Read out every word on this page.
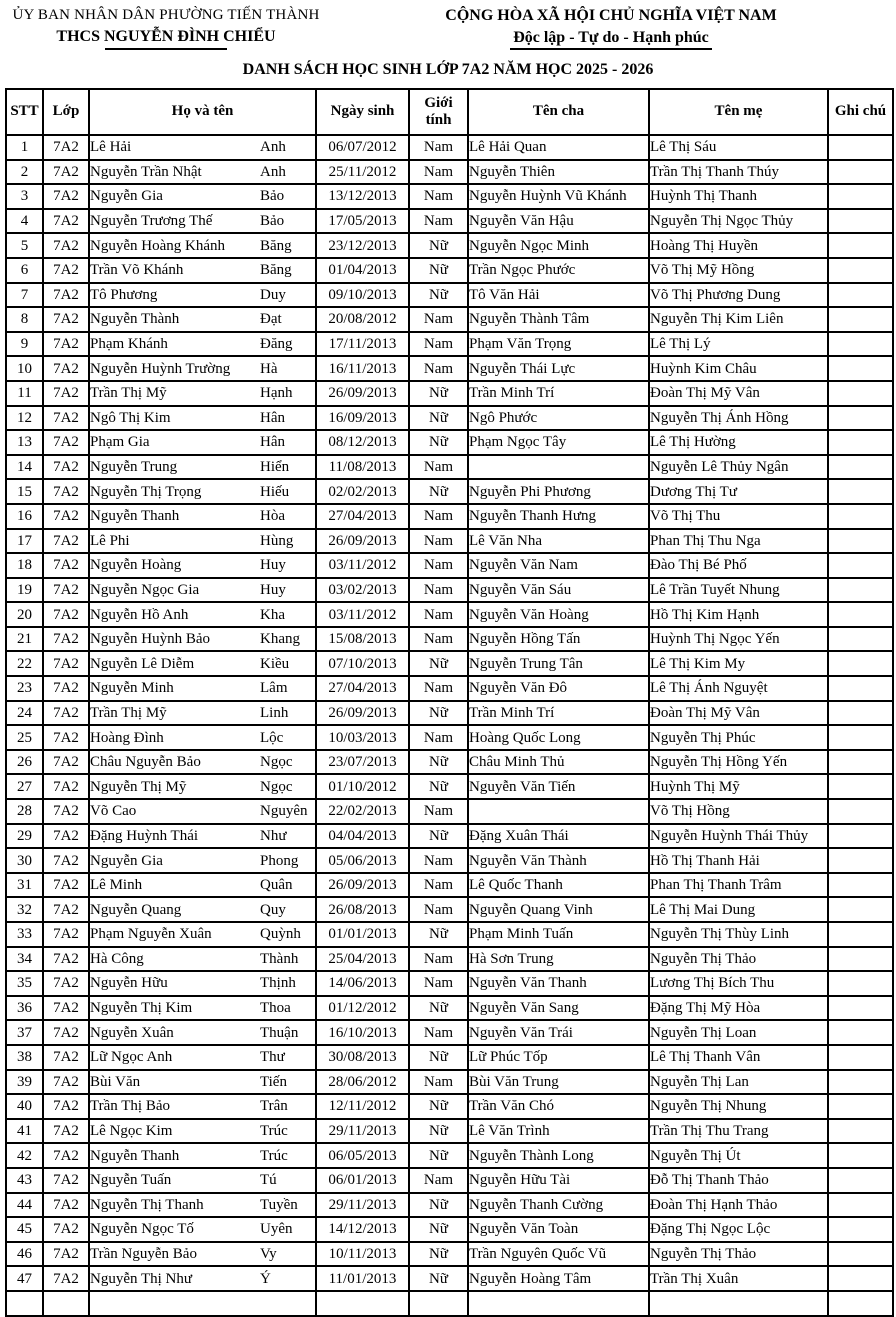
ỦY BAN NHÂN DÂN PHƯỜNG TIẾN THÀNH
THCS NGUYỄN ĐÌNH CHIỂU
CỘNG HÒA XÃ HỘI CHỦ NGHĨA VIỆT NAM
Độc lập - Tự do - Hạnh phúc
DANH SÁCH HỌC SINH LỚP 7A2 NĂM HỌC 2025 - 2026
STT	Lớp	Họ và tên	Ngày sinh	Giới tính	Tên cha	Tên mẹ	Ghi chú
1	7A2	Lê Hải Anh	06/07/2012	Nam	Lê Hải Quan	Lê Thị Sáu	
2	7A2	Nguyễn Trần Nhật Anh	25/11/2012	Nam	Nguyễn Thiên	Trần Thị Thanh Thúy	
3	7A2	Nguyễn Gia Bảo	13/12/2013	Nam	Nguyễn Huỳnh Vũ Khánh	Huỳnh Thị Thanh	
4	7A2	Nguyễn Trương Thế Bảo	17/05/2013	Nam	Nguyễn Văn Hậu	Nguyễn Thị Ngọc Thủy	
5	7A2	Nguyễn Hoàng Khánh Băng	23/12/2013	Nữ	Nguyễn Ngọc Minh	Hoàng Thị Huyền	
6	7A2	Trần Võ Khánh Băng	01/04/2013	Nữ	Trần Ngọc Phước	Võ Thị Mỹ Hồng	
7	7A2	Tô Phương Duy	09/10/2013	Nữ	Tô Văn Hải	Võ Thị Phương Dung	
8	7A2	Nguyễn Thành Đạt	20/08/2012	Nam	Nguyễn Thành Tâm	Nguyễn Thị Kim Liên	
9	7A2	Phạm Khánh Đăng	17/11/2013	Nam	Phạm Văn Trọng	Lê Thị Lý	
10	7A2	Nguyễn Huỳnh Trường Hà	16/11/2013	Nam	Nguyễn Thái Lực	Huỳnh Kim Châu	
11	7A2	Trần Thị Mỹ Hạnh	26/09/2013	Nữ	Trần Minh Trí	Đoàn Thị Mỹ Vân	
12	7A2	Ngô Thị Kim Hân	16/09/2013	Nữ	Ngô Phước	Nguyễn Thị Ánh Hồng	
13	7A2	Phạm Gia Hân	08/12/2013	Nữ	Phạm Ngọc Tây	Lê Thị Hường	
14	7A2	Nguyễn Trung Hiển	11/08/2013	Nam		Nguyễn Lê Thủy Ngân	
15	7A2	Nguyễn Thị Trọng Hiếu	02/02/2013	Nữ	Nguyễn Phi Phương	Dương Thị Tư	
16	7A2	Nguyễn Thanh Hòa	27/04/2013	Nam	Nguyễn Thanh Hưng	Võ Thị Thu	
17	7A2	Lê Phi Hùng	26/09/2013	Nam	Lê Văn Nha	Phan Thị Thu Nga	
18	7A2	Nguyễn Hoàng Huy	03/11/2012	Nam	Nguyễn Văn Nam	Đào Thị Bé Phố	
19	7A2	Nguyễn Ngọc Gia Huy	03/02/2013	Nam	Nguyễn Văn Sáu	Lê Trần Tuyết Nhung	
20	7A2	Nguyễn Hồ Anh Kha	03/11/2012	Nam	Nguyễn Văn Hoàng	Hồ Thị Kim Hạnh	
21	7A2	Nguyễn Huỳnh Bảo Khang	15/08/2013	Nam	Nguyễn Hồng Tấn	Huỳnh Thị Ngọc Yến	
22	7A2	Nguyễn Lê Diễm Kiều	07/10/2013	Nữ	Nguyễn Trung Tân	Lê Thị Kim My	
23	7A2	Nguyễn Minh Lâm	27/04/2013	Nam	Nguyễn Văn Đô	Lê Thị Ánh Nguyệt	
24	7A2	Trần Thị Mỹ Linh	26/09/2013	Nữ	Trần Minh Trí	Đoàn Thị Mỹ Vân	
25	7A2	Hoàng Đình Lộc	10/03/2013	Nam	Hoàng Quốc Long	Nguyễn Thị Phúc	
26	7A2	Châu Nguyễn Bảo Ngọc	23/07/2013	Nữ	Châu Minh Thủ	Nguyễn Thị Hồng Yến	
27	7A2	Nguyễn Thị Mỹ Ngọc	01/10/2012	Nữ	Nguyễn Văn Tiến	Huỳnh Thị Mỹ	
28	7A2	Võ Cao Nguyên	22/02/2013	Nam		Võ Thị Hồng	
29	7A2	Đặng Huỳnh Thái Như	04/04/2013	Nữ	Đặng Xuân Thái	Nguyễn Huỳnh Thái Thủy	
30	7A2	Nguyễn Gia Phong	05/06/2013	Nam	Nguyễn Văn Thành	Hồ Thị Thanh Hải	
31	7A2	Lê Minh Quân	26/09/2013	Nam	Lê Quốc Thanh	Phan Thị Thanh Trâm	
32	7A2	Nguyễn Quang Quy	26/08/2013	Nam	Nguyễn Quang Vinh	Lê Thị Mai Dung	
33	7A2	Phạm Nguyễn Xuân Quỳnh	01/01/2013	Nữ	Phạm Minh Tuấn	Nguyễn Thị Thùy Linh	
34	7A2	Hà Công Thành	25/04/2013	Nam	Hà Sơn Trung	Nguyễn Thị Thảo	
35	7A2	Nguyễn Hữu Thịnh	14/06/2013	Nam	Nguyễn Văn Thanh	Lương Thị Bích Thu	
36	7A2	Nguyễn Thị Kim Thoa	01/12/2012	Nữ	Nguyễn Văn Sang	Đặng Thị Mỹ Hòa	
37	7A2	Nguyễn Xuân Thuận	16/10/2013	Nam	Nguyễn Văn Trái	Nguyễn Thị Loan	
38	7A2	Lữ Ngọc Anh Thư	30/08/2013	Nữ	Lữ Phúc Tốp	Lê Thị Thanh Vân	
39	7A2	Bùi Văn Tiến	28/06/2012	Nam	Bùi Văn Trung	Nguyễn Thị Lan	
40	7A2	Trần Thị Bảo Trân	12/11/2012	Nữ	Trần Văn Chó	Nguyễn Thị Nhung	
41	7A2	Lê Ngọc Kim Trúc	29/11/2013	Nữ	Lê Văn Trình	Trần Thị Thu Trang	
42	7A2	Nguyễn Thanh Trúc	06/05/2013	Nữ	Nguyễn Thành Long	Nguyễn Thị Út	
43	7A2	Nguyễn Tuấn Tú	06/01/2013	Nam	Nguyễn Hữu Tài	Đỗ Thị Thanh Thảo	
44	7A2	Nguyễn Thị Thanh Tuyền	29/11/2013	Nữ	Nguyễn Thanh Cường	Đoàn Thị Hạnh Thảo	
45	7A2	Nguyễn Ngọc Tố Uyên	14/12/2013	Nữ	Nguyễn Văn Toàn	Đặng Thị Ngọc Lộc	
46	7A2	Trần Nguyễn Bảo Vy	10/11/2013	Nữ	Trần Nguyên Quốc Vũ	Nguyễn Thị Thảo	
47	7A2	Nguyễn Thị Như Ý	11/01/2013	Nữ	Nguyễn Hoàng Tâm	Trần Thị Xuân	
